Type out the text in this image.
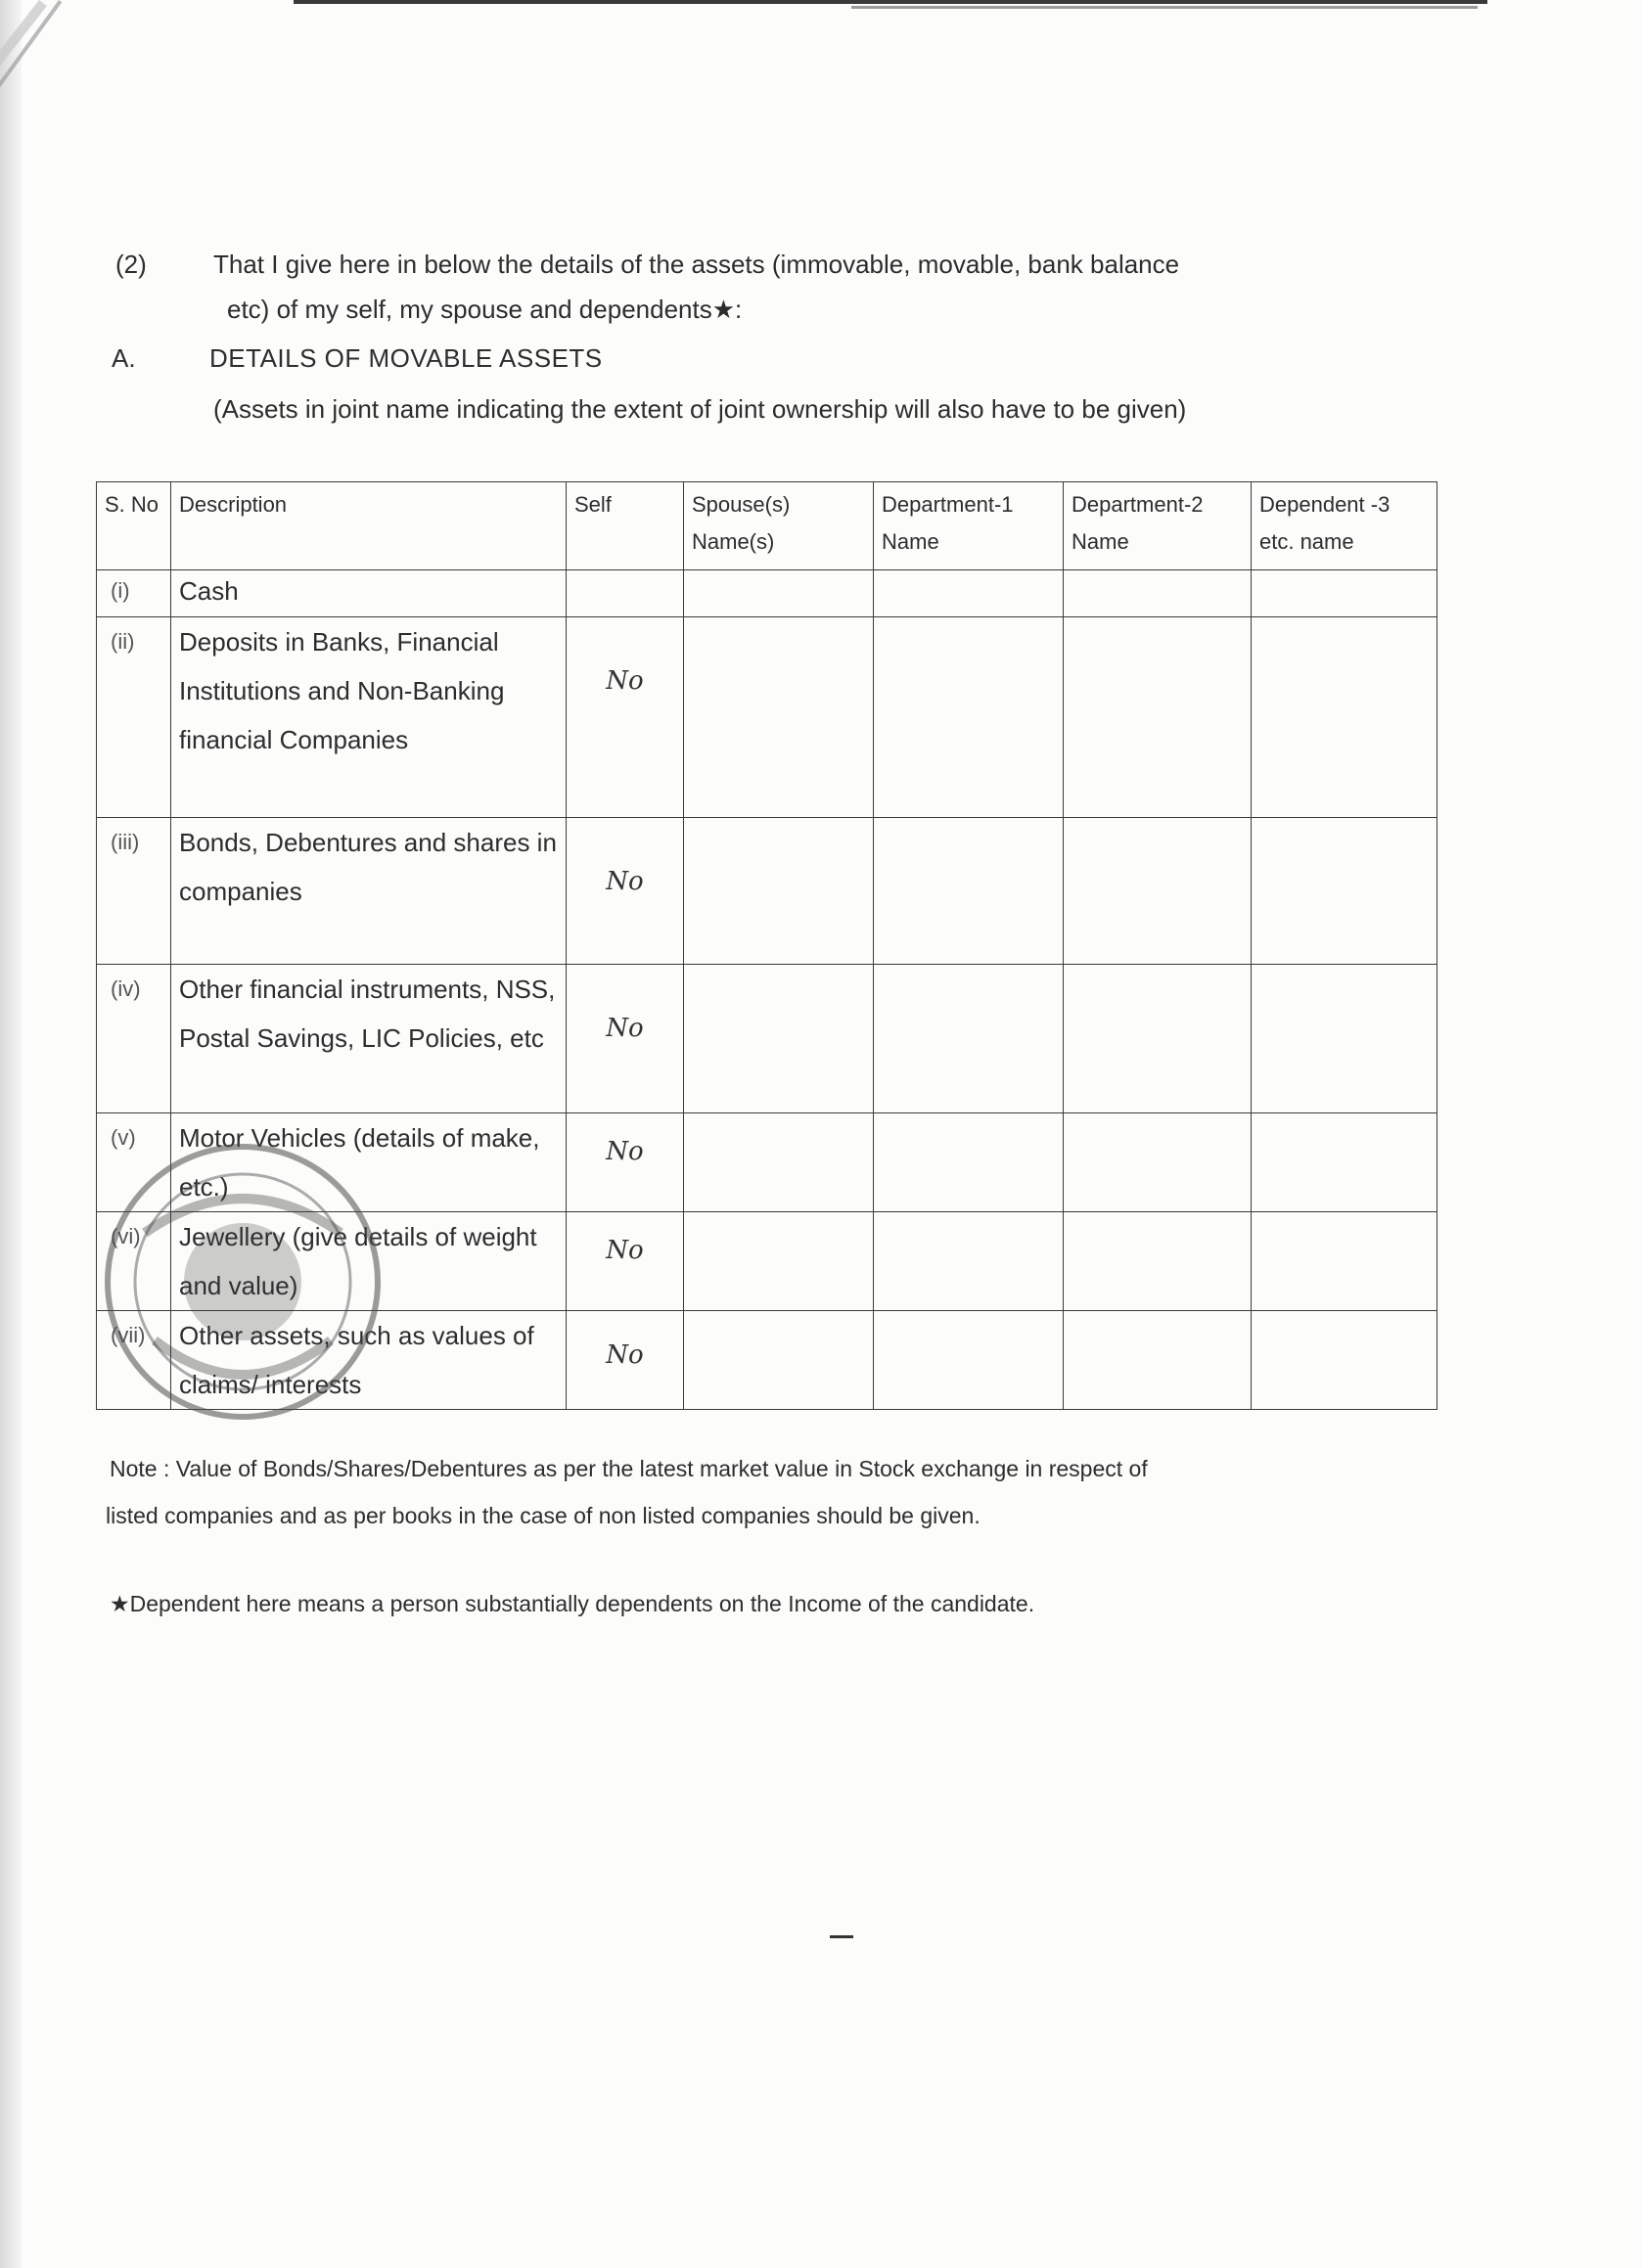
(2)	That I give here in below the details of the assets (immovable, movable, bank balance
etc) of my self, my spouse and dependents★:
A.	DETAILS OF MOVABLE ASSETS
(Assets in joint name indicating the extent of joint ownership will also have to be given)
S. No	Description	Self	Spouse(s) Name(s)	Department-1 Name	Department-2 Name	Dependent -3 etc. name
(i)	Cash					
(ii)	Deposits in Banks, Financial Institutions and Non-Banking financial Companies	No				
(iii)	Bonds, Debentures and shares in companies	No				
(iv)	Other financial instruments, NSS, Postal Savings, LIC Policies, etc	No				
(v)	Motor Vehicles (details of make, etc.)	No				
(vi)	Jewellery (give details of weight and value)	No				
(vii)	Other assets, such as values of claims/ interests	No				
Note : Value of Bonds/Shares/Debentures as per the latest market value in Stock exchange in respect of
listed companies and as per books in the case of non listed companies should be given.
★Dependent here means a person substantially dependents on the Income of the candidate.
